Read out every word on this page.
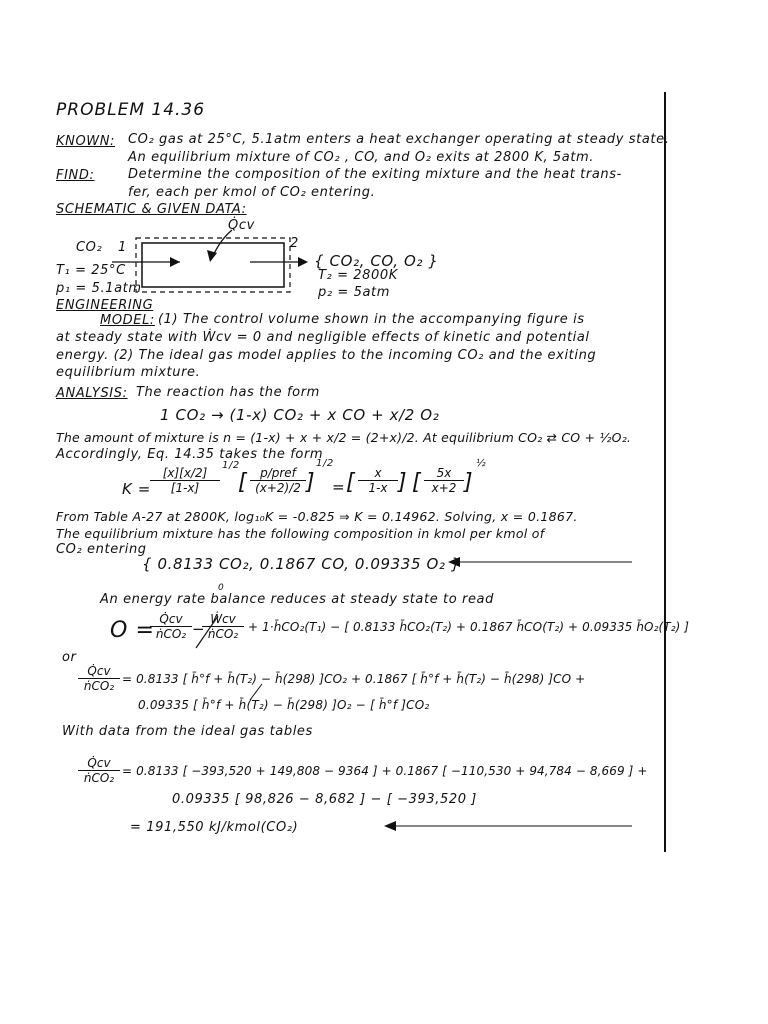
PROBLEM 14.36
KNOWN: CO₂ gas at 25°C, 5.1atm enters a heat exchanger operating at steady state.
An equilibrium mixture of CO₂ , CO, and O₂ exits at 2800 K, 5atm.
FIND:	Determine the composition of the exiting mixture and the heat trans-
fer, each per kmol of CO₂ entering.
SCHEMATIC & GIVEN DATA:
Q̇cv
CO₂ 1	2
T₁ = 25°C
p₁ = 5.1atm
{ CO₂, CO, O₂ }
T₂ = 2800K
p₂ = 5atm
ENGINEERING
MODEL: (1) The control volume shown in the accompanying figure is
at steady state with Ẇcv = 0 and negligible effects of kinetic and potential
energy. (2) The ideal gas model applies to the incoming CO₂ and the exiting
equilibrium mixture.
ANALYSIS: The reaction has the form
1 CO₂ → (1-x) CO₂ + x CO + x/2 O₂
The amount of mixture is n = (1-x) + x + x/2 = (2+x)/2. At equilibrium CO₂ ⇄ CO + ½O₂.
Accordingly, Eq. 14.35 takes the form
$K = \frac{[x][x/2]}{[1-x]}$
1/2
[	p/pref
(x+2)/2 ]
1/2
= [ $\frac{x}{1-x}$ ] [ $\frac{5x}{x+2}$ ]
½
From Table A-27 at 2800K, log₁₀K = -0.825 ⇒ K = 0.14962. Solving, x = 0.1867.
The equilibrium mixture has the following composition in kmol per kmol of
CO₂ entering
{ 0.8133 CO₂, 0.1867 CO, 0.09335 O₂ }
An energy rate balance reduces at steady state to read
0
O = Q̇cv
ṅCO₂ −
Ẇcv
ṅCO₂ + 1·h̄CO₂(T₁) − [ 0.8133 h̄CO₂(T₂) + 0.1867 h̄CO(T₂) + 0.09335 h̄O₂(T₂) ]
or
Q̇cv
ṅCO₂ = 0.8133 [ h̄°f + h̄(T₂) − h̄(298) ]CO₂ + 0.1867 [ h̄°f + h̄(T₂) − h̄(298) ]CO +
0.09335 [ h̄°f + h̄(T₂) − h̄(298) ]O₂ − [ h̄°f ]CO₂
With data from the ideal gas tables
Q̇cv
ṅCO₂ = 0.8133 [ −393,520 + 149,808 − 9364 ] + 0.1867 [ −110,530 + 94,784 − 8,669 ] +
0.09335 [ 98,826 − 8,682 ] − [ −393,520 ]
= 191,550 kJ/kmol(CO₂)
